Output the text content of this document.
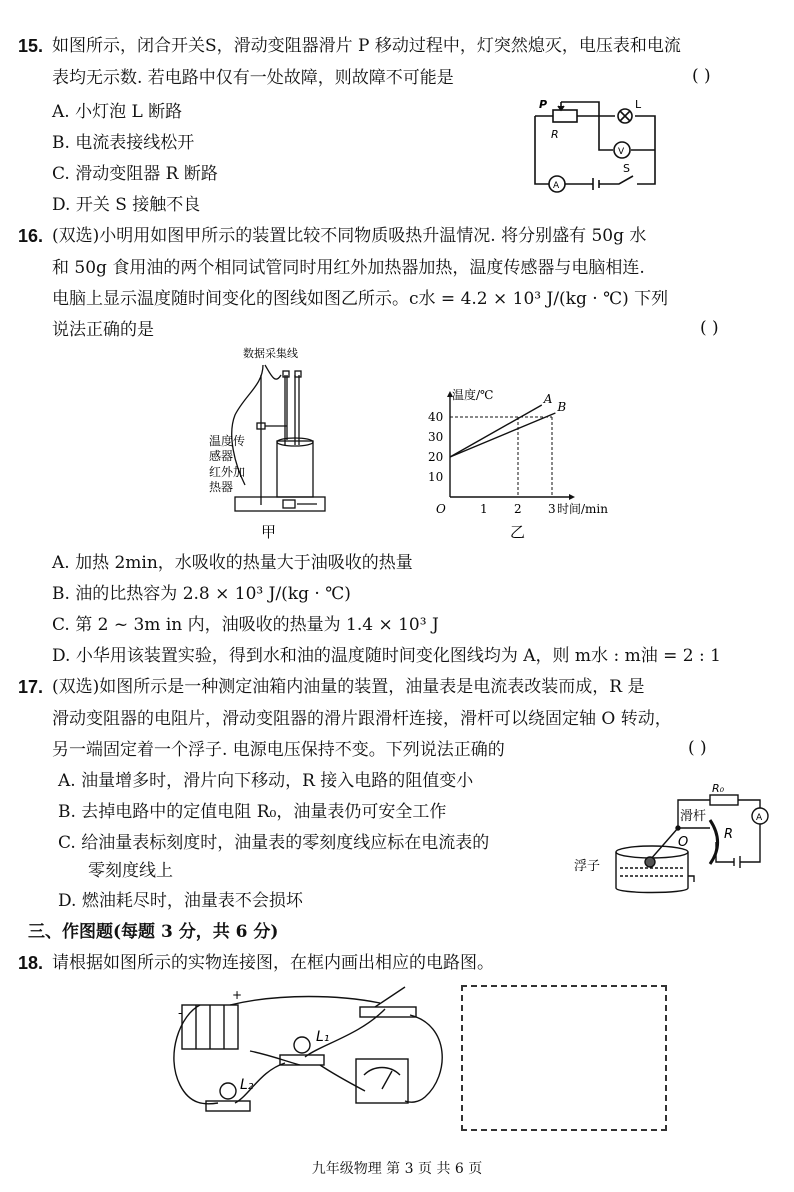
15. 如图所示，闭合开关S，滑动变阻器滑片 P 移动过程中，灯突然熄灭，电压表和电流
表均无示数. 若电路中仅有一处故障，则故障不可能是	( )
A. 小灯泡 L 断路
B. 电流表接线松开
C. 滑动变阻器 R 断路
D. 开关 S 接触不良
P
R
L
V
A
S
16. (双选)小明用如图甲所示的装置比较不同物质吸热升温情况. 将分别盛有 50g 水
和 50g 食用油的两个相同试管同时用红外加热器加热，温度传感器与电脑相连.
电脑上显示温度随时间变化的图线如图乙所示。c水 = 4.2 × 10³ J/(kg · ℃) 下列
说法正确的是	( )
数据采集线
温度传
感器
红外加
热器
甲
10
20
30
40
1 2 3
O
温度/℃
时间/min
A
B
乙
A. 加热 2min，水吸收的热量大于油吸收的热量
B. 油的比热容为 2.8 × 10³ J/(kg · ℃)
C. 第 2 ~ 3m in 内，油吸收的热量为 1.4 × 10³ J
D. 小华用该装置实验，得到水和油的温度随时间变化图线均为 A，则 m水 : m油 = 2 : 1
17. (双选)如图所示是一种测定油箱内油量的装置，油量表是电流表改装而成，R 是
滑动变阻器的电阻片，滑动变阻器的滑片跟滑杆连接，滑杆可以绕固定轴 O 转动，
另一端固定着一个浮子. 电源电压保持不变。下列说法正确的	( )
A. 油量增多时，滑片向下移动，R 接入电路的阻值变小
B. 去掉电路中的定值电阻 R₀，油量表仍可安全工作
C. 给油量表标刻度时，油量表的零刻度线应标在电流表的
零刻度线上
D. 燃油耗尽时，油量表不会损坏
R₀
A
滑杆
R
O
浮子
三、作图题(每题 3 分，共 6 分)
18. 请根据如图所示的实物连接图，在框内画出相应的电路图。
-
+
L₁
L₂
九年级物理 第 3 页 共 6 页
